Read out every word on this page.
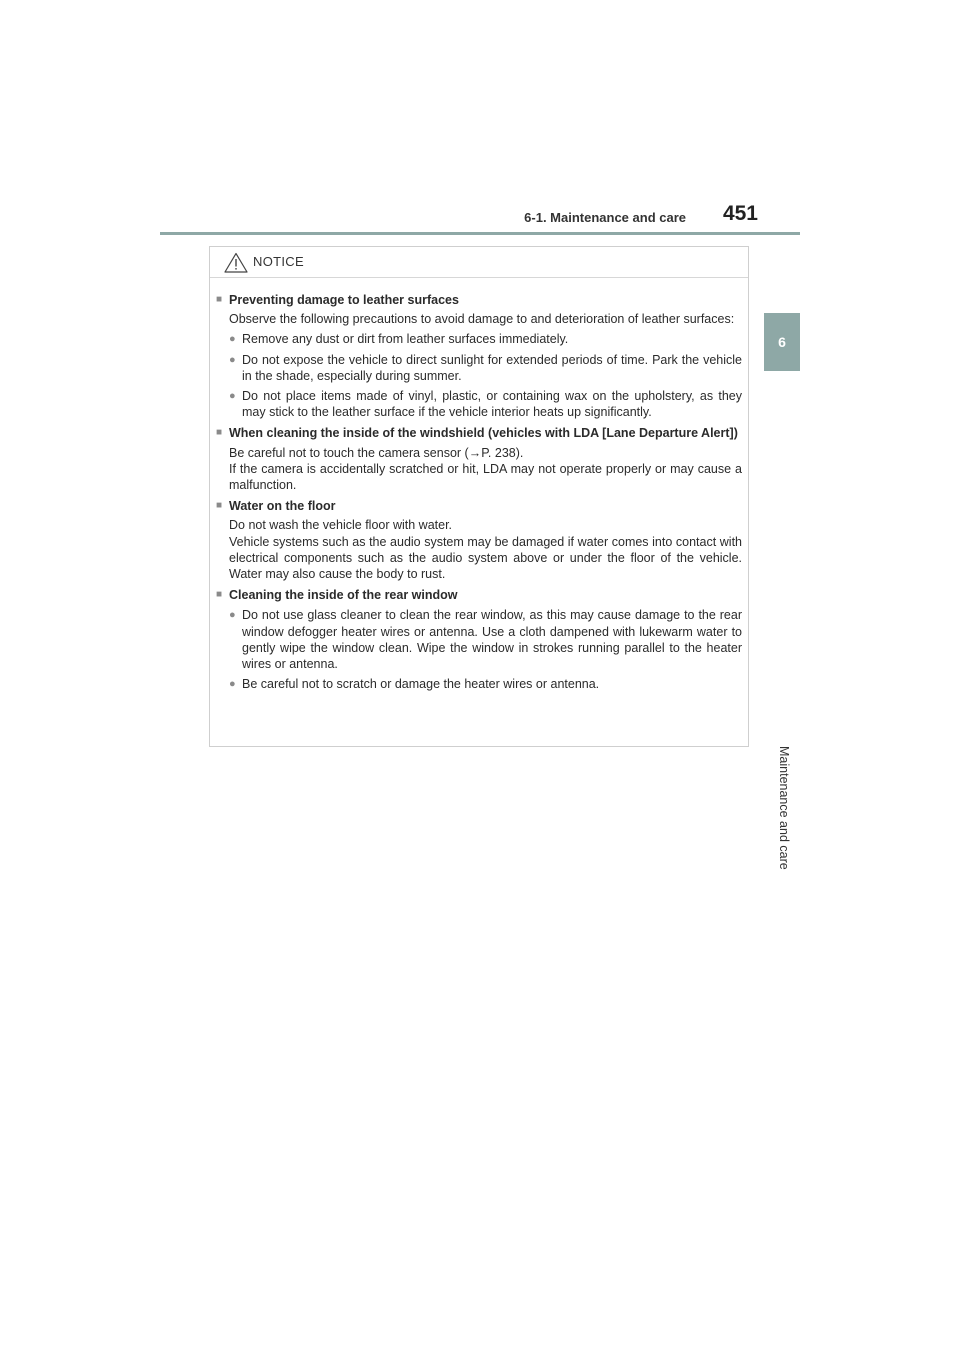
6-1. Maintenance and care 451
6
Maintenance and care
NOTICE
■ Preventing damage to leather surfaces
Observe the following precautions to avoid damage to and deterioration of leather surfaces:
● Remove any dust or dirt from leather surfaces immediately.
● Do not expose the vehicle to direct sunlight for extended periods of time. Park the vehicle in the shade, especially during summer.
● Do not place items made of vinyl, plastic, or containing wax on the upholstery, as they may stick to the leather surface if the vehicle interior heats up significantly.
■ When cleaning the inside of the windshield (vehicles with LDA [Lane Departure Alert])
Be careful not to touch the camera sensor (→P. 238).
If the camera is accidentally scratched or hit, LDA may not operate properly or may cause a malfunction.
■ Water on the floor
Do not wash the vehicle floor with water.
Vehicle systems such as the audio system may be damaged if water comes into contact with electrical components such as the audio system above or under the floor of the vehicle. Water may also cause the body to rust.
■ Cleaning the inside of the rear window
● Do not use glass cleaner to clean the rear window, as this may cause damage to the rear window defogger heater wires or antenna. Use a cloth dampened with lukewarm water to gently wipe the window clean. Wipe the window in strokes running parallel to the heater wires or antenna.
● Be careful not to scratch or damage the heater wires or antenna.
